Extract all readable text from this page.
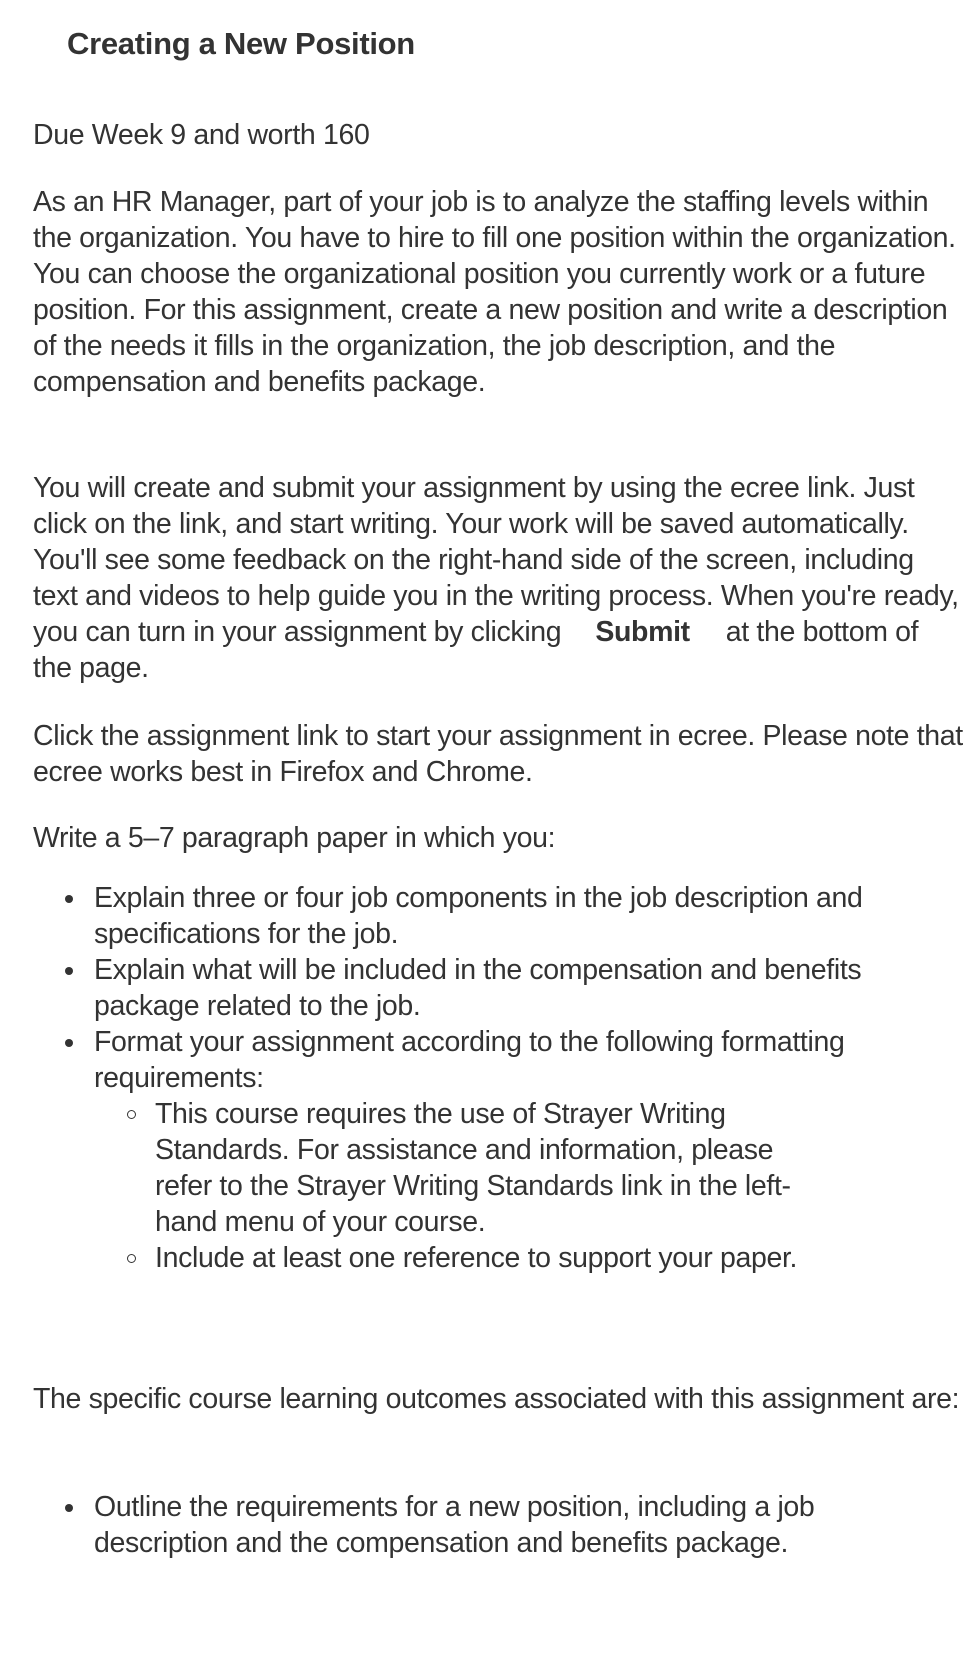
Creating a New Position

Due Week 9 and worth 160

As an HR Manager, part of your job is to analyze the staffing levels within the organization. You have to hire to fill one position within the organization. You can choose the organizational position you currently work or a future position. For this assignment, create a new position and write a description of the needs it fills in the organization, the job description, and the compensation and benefits package.

You will create and submit your assignment by using the ecree link. Just click on the link, and start writing. Your work will be saved automatically. You'll see some feedback on the right-hand side of the screen, including text and videos to help guide you in the writing process. When you're ready, you can turn in your assignment by clicking Submit at the bottom of the page.

Click the assignment link to start your assignment in ecree. Please note that ecree works best in Firefox and Chrome.

Write a 5–7 paragraph paper in which you:

Explain three or four job components in the job description and specifications for the job.
Explain what will be included in the compensation and benefits package related to the job.
Format your assignment according to the following formatting requirements:
This course requires the use of Strayer Writing Standards. For assistance and information, please refer to the Strayer Writing Standards link in the left-hand menu of your course.
Include at least one reference to support your paper.

The specific course learning outcomes associated with this assignment are:

Outline the requirements for a new position, including a job description and the compensation and benefits package.
